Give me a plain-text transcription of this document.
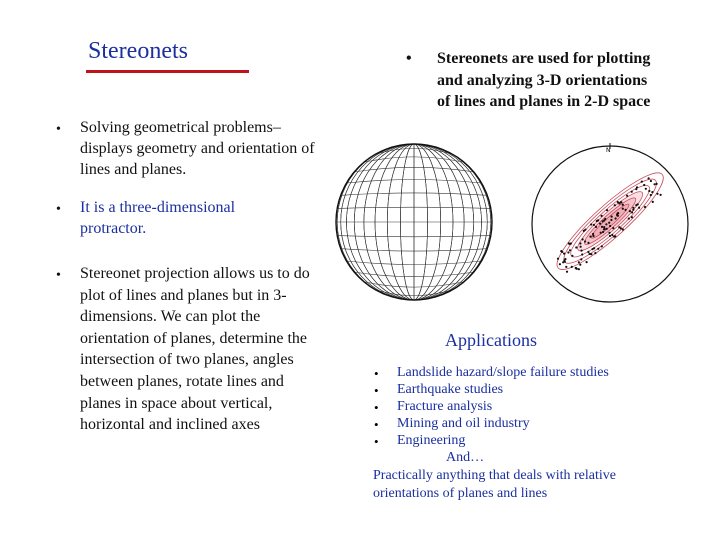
Stereonets
• Solving geometrical problems– displays geometry and orientation of lines and planes.
• It is a three-dimensional protractor.
• Stereonet projection allows us to do plot of lines and planes but in 3-dimensions. We can plot the orientation of planes, determine the intersection of two planes, angles between planes, rotate lines and planes in space about vertical, horizontal and inclined axes
• Stereonets are used for plotting and analyzing 3-D orientations of lines and planes in 2-D space
N
Applications
• Landslide hazard/slope failure studies
• Earthquake studies
• Fracture analysis
• Mining and oil industry
• Engineering
And…
Practically anything that deals with relative orientations of planes and lines
